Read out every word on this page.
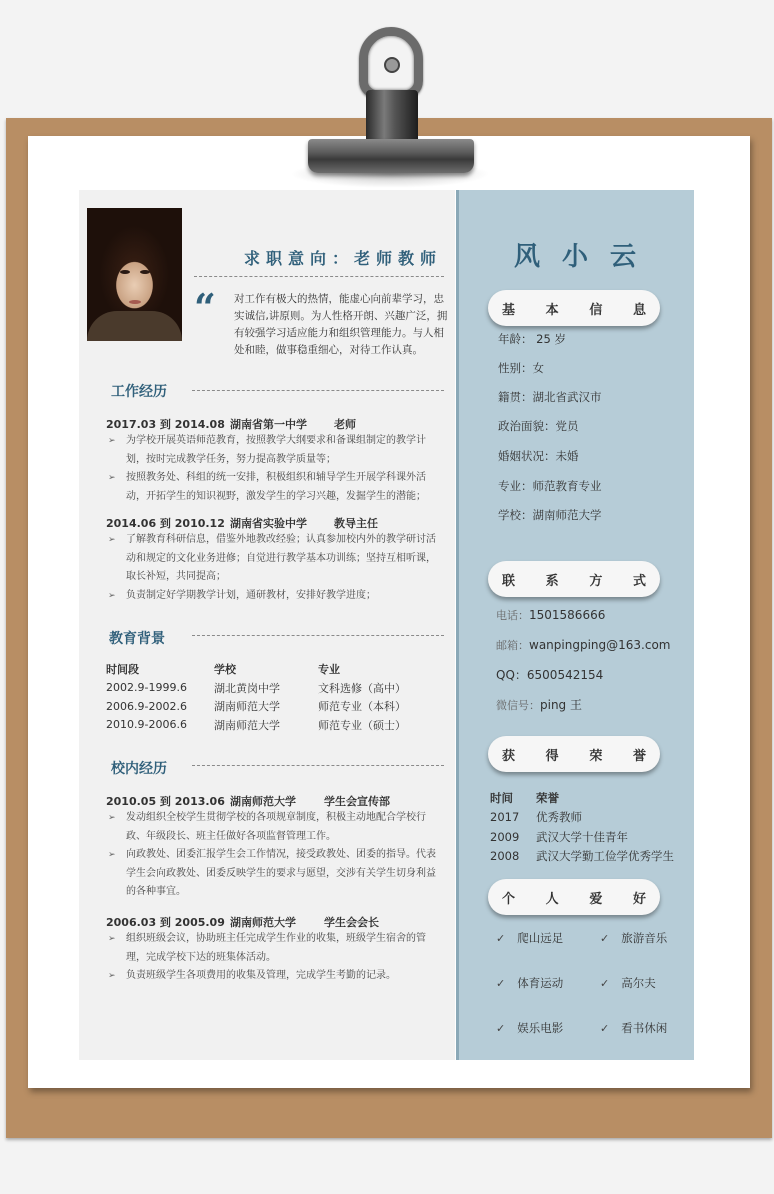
求职意向：老师教师
“ 对工作有极大的热情，能虚心向前辈学习，忠实诚信,讲原则。为人性格开朗、兴趣广泛，拥有较强学习适应能力和组织管理能力。与人相处和睦，做事稳重细心，对待工作认真。
工作经历
2017.03 到 2014.08 湖南省第一中学 老师
➢ 为学校开展英语师范教育，按照教学大纲要求和备课组制定的教学计划，按时完成教学任务，努力提高教学质量等；
➢ 按照教务处、科组的统一安排，积极组织和辅导学生开展学科课外活动，开拓学生的知识视野，激发学生的学习兴趣，发掘学生的潜能；
2014.06 到 2010.12 湖南省实验中学 教导主任
➢ 了解教育科研信息，借鉴外地教改经验；认真参加校内外的教学研讨活动和规定的文化业务进修；自觉进行教学基本功训练；坚持互相听课，取长补短，共同提高；
➢ 负责制定好学期教学计划，通研教材，安排好教学进度；
教育背景
时间段	学校	专业
2002.9-1999.6	湖北黄岗中学	文科选修（高中）
2006.9-2002.6	湖南师范大学	师范专业（本科）
2010.9-2006.6	湖南师范大学	师范专业（硕士）
校内经历
2010.05 到 2013.06 湖南师范大学	学生会宣传部
➢ 发动组织全校学生贯彻学校的各项规章制度，积极主动地配合学校行政、年级段长、班主任做好各项监督管理工作。
➢ 向政教处、团委汇报学生会工作情况，接受政教处、团委的指导。代表学生会向政教处、团委反映学生的要求与愿望，交涉有关学生切身利益的各种事宜。
2006.03 到 2005.09 湖南师范大学	学生会会长
➢ 组织班级会议，协助班主任完成学生作业的收集，班级学生宿舍的管理，完成学校下达的班集体活动。
➢ 负责班级学生各项费用的收集及管理，完成学生考勤的记录。
风小云
基 本 信 息
年龄： 25 岁
性别：女
籍贯：湖北省武汉市
政治面貌：党员
婚姻状况：未婚
专业：师范教育专业
学校：湖南师范大学
联 系 方 式
电话：1501586666
邮箱：wanpingping@163.com
QQ：6500542154
微信号：ping 王
获 得 荣 誉
时间	荣誉
2017	优秀教师
2009	武汉大学十佳青年
2008	武汉大学勤工俭学优秀学生
个 人 爱 好
✓ 爬山远足	✓ 旅游音乐
✓ 体育运动	✓ 高尔夫
✓ 娱乐电影	✓ 看书休闲
